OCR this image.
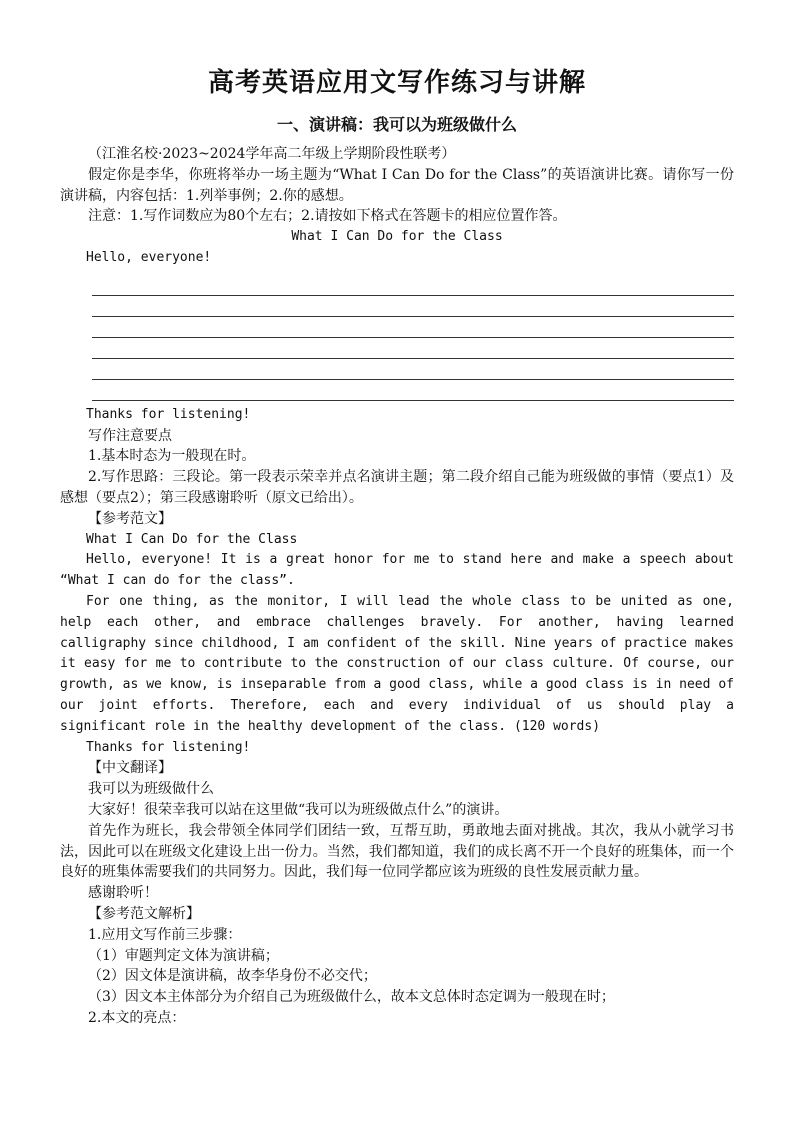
高考英语应用文写作练习与讲解
一、演讲稿：我可以为班级做什么

（江淮名校·2023~2024学年高二年级上学期阶段性联考）

假定你是李华，你班将举办一场主题为“What I Can Do for the Class”的英语演讲比赛。请你写一份演讲稿，内容包括：1.列举事例；2.你的感想。

注意：1.写作词数应为80个左右；2.请按如下格式在答题卡的相应位置作答。

What I Can Do for the Class

Hello, everyone!

Thanks for listening!

写作注意要点

1.基本时态为一般现在时。

2.写作思路：三段论。第一段表示荣幸并点名演讲主题；第二段介绍自己能为班级做的事情（要点1）及感想（要点2）；第三段感谢聆听（原文已给出）。

【参考范文】

What I Can Do for the Class

Hello, everyone! It is a great honor for me to stand here and make a speech about “What I can do for the class”.

For one thing, as the monitor, I will lead the whole class to be united as one, help each other, and embrace challenges bravely. For another, having learned calligraphy since childhood, I am confident of the skill. Nine years of practice makes it easy for me to contribute to the construction of our class culture. Of course, our growth, as we know, is inseparable from a good class, while a good class is in need of our joint efforts. Therefore, each and every individual of us should play a significant role in the healthy development of the class. (120 words)

Thanks for listening!

【中文翻译】

我可以为班级做什么

大家好！很荣幸我可以站在这里做“我可以为班级做点什么”的演讲。

首先作为班长，我会带领全体同学们团结一致，互帮互助，勇敢地去面对挑战。其次，我从小就学习书法，因此可以在班级文化建设上出一份力。当然，我们都知道，我们的成长离不开一个良好的班集体，而一个良好的班集体需要我们的共同努力。因此，我们每一位同学都应该为班级的良性发展贡献力量。

感谢聆听！

【参考范文解析】

1.应用文写作前三步骤：

（1）审题判定文体为演讲稿；

（2）因文体是演讲稿，故李华身份不必交代；

（3）因文本主体部分为介绍自己为班级做什么，故本文总体时态定调为一般现在时；

2.本文的亮点：
